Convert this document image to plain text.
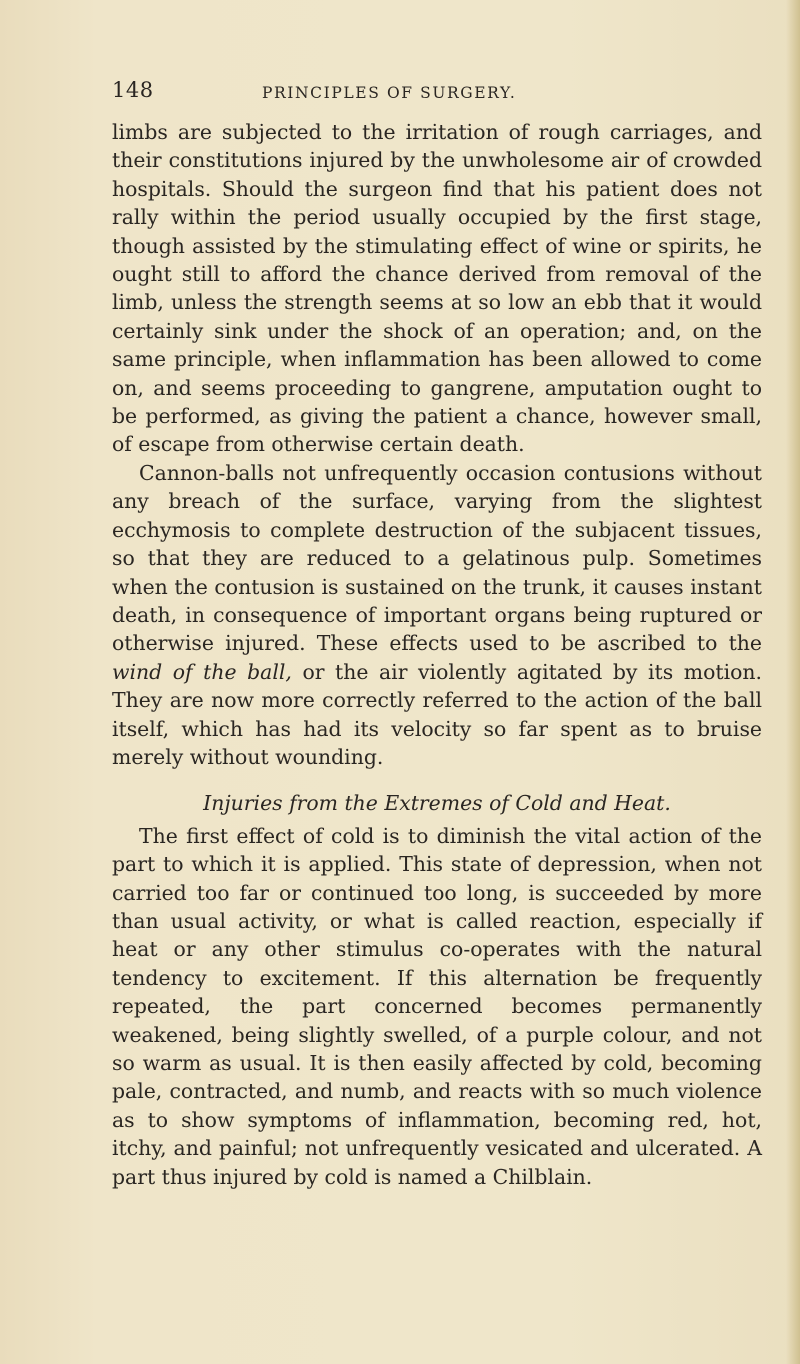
148	PRINCIPLES OF SURGERY.

limbs are subjected to the irritation of rough carriages, and their constitutions injured by the unwholesome air of crowded hospitals. Should the surgeon find that his patient does not rally within the period usually occupied by the first stage, though assisted by the stimulating effect of wine or spirits, he ought still to afford the chance derived from removal of the limb, unless the strength seems at so low an ebb that it would certainly sink under the shock of an operation; and, on the same principle, when inflammation has been allowed to come on, and seems proceeding to gangrene, amputation ought to be performed, as giving the patient a chance, however small, of escape from otherwise certain death.

Cannon-balls not unfrequently occasion contusions without any breach of the surface, varying from the slightest ecchymosis to complete destruction of the subjacent tissues, so that they are reduced to a gelatinous pulp. Sometimes when the contusion is sustained on the trunk, it causes instant death, in consequence of important organs being ruptured or otherwise injured. These effects used to be ascribed to the wind of the ball, or the air violently agitated by its motion. They are now more correctly referred to the action of the ball itself, which has had its velocity so far spent as to bruise merely without wounding.

Injuries from the Extremes of Cold and Heat.

The first effect of cold is to diminish the vital action of the part to which it is applied. This state of depression, when not carried too far or continued too long, is succeeded by more than usual activity, or what is called reaction, especially if heat or any other stimulus co-operates with the natural tendency to excitement. If this alternation be frequently repeated, the part concerned becomes permanently weakened, being slightly swelled, of a purple colour, and not so warm as usual. It is then easily affected by cold, becoming pale, contracted, and numb, and reacts with so much violence as to show symptoms of inflammation, becoming red, hot, itchy, and painful; not unfrequently vesicated and ulcerated. A part thus injured by cold is named a Chilblain.
